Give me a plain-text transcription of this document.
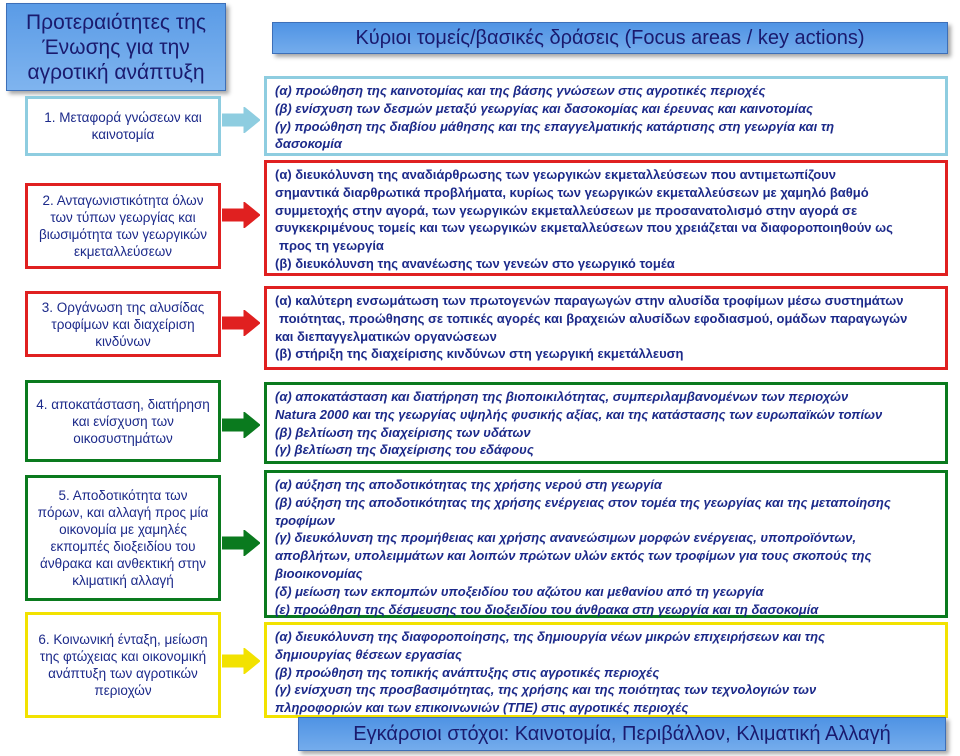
Προτεραιότητες της Ένωσης για την αγροτική ανάπτυξη
Κύριοι τομείς/βασικές δράσεις (Focus areas / key actions)
1. Μεταφορά γνώσεων και καινοτομία
(α) προώθηση της καινοτομίας και της βάσης γνώσεων στις αγροτικές περιοχές
(β) ενίσχυση των δεσμών μεταξύ γεωργίας και δασοκομίας και έρευνας και καινοτομίας
(γ) προώθηση της διαβίου μάθησης και της επαγγελματικής κατάρτισης στη γεωργία και τη
δασοκομία
2. Ανταγωνιστικότητα όλων των τύπων γεωργίας και βιωσιμότητα των γεωργικών εκμεταλλεύσεων
(α) διευκόλυνση της αναδιάρθρωσης των γεωργικών εκμεταλλεύσεων που αντιμετωπίζουν
σημαντικά διαρθρωτικά προβλήματα, κυρίως των γεωργικών εκμεταλλεύσεων με χαμηλό βαθμό
συμμετοχής στην αγορά, των γεωργικών εκμεταλλεύσεων με προσανατολισμό στην αγορά σε
συγκεκριμένους τομείς και των γεωργικών εκμεταλλεύσεων που χρειάζεται να διαφοροποιηθούν ως
προς τη γεωργία
(β) διευκόλυνση της ανανέωσης των γενεών στο γεωργικό τομέα
3. Οργάνωση της αλυσίδας τροφίμων και διαχείριση κινδύνων
(α) καλύτερη ενσωμάτωση των πρωτογενών παραγωγών στην αλυσίδα τροφίμων μέσω συστημάτων
ποιότητας, προώθησης σε τοπικές αγορές και βραχειών αλυσίδων εφοδιασμού, ομάδων παραγωγών
και διεπαγγελματικών οργανώσεων
(β) στήριξη της διαχείρισης κινδύνων στη γεωργική εκμετάλλευση
4. αποκατάσταση, διατήρηση και ενίσχυση των οικοσυστημάτων
(α) αποκατάσταση και διατήρηση της βιοποικιλότητας, συμπεριλαμβανομένων των περιοχών
Natura 2000 και της γεωργίας υψηλής φυσικής αξίας, και της κατάστασης των ευρωπαϊκών τοπίων
(β) βελτίωση της διαχείρισης των υδάτων
(γ) βελτίωση της διαχείρισης του εδάφους
5. Αποδοτικότητα των πόρων, και αλλαγή προς μία οικονομία με χαμηλές εκπομπές διοξειδίου του άνθρακα και ανθεκτική στην κλιματική αλλαγή
(α) αύξηση της αποδοτικότητας της χρήσης νερού στη γεωργία
(β) αύξηση της αποδοτικότητας της χρήσης ενέργειας στον τομέα της γεωργίας και της μεταποίησης
τροφίμων
(γ) διευκόλυνση της προμήθειας και χρήσης ανανεώσιμων μορφών ενέργειας, υποπροϊόντων,
αποβλήτων, υπολειμμάτων και λοιπών πρώτων υλών εκτός των τροφίμων για τους σκοπούς της
βιοοικονομίας
(δ) μείωση των εκπομπών υποξειδίου του αζώτου και μεθανίου από τη γεωργία
(ε) προώθηση της δέσμευσης του διοξειδίου του άνθρακα στη γεωργία και τη δασοκομία
6. Κοινωνική ένταξη, μείωση της φτώχειας και οικονομική ανάπτυξη των αγροτικών περιοχών
(α) διευκόλυνση της διαφοροποίησης, της δημιουργία νέων μικρών επιχειρήσεων και της
δημιουργίας θέσεων εργασίας
(β) προώθηση της τοπικής ανάπτυξης στις αγροτικές περιοχές
(γ) ενίσχυση της προσβασιμότητας, της χρήσης και της ποιότητας των τεχνολογιών των
πληροφοριών και των επικοινωνιών (ΤΠΕ) στις αγροτικές περιοχές
Εγκάρσιοι στόχοι: Καινοτομία, Περιβάλλον, Κλιματική Αλλαγή
